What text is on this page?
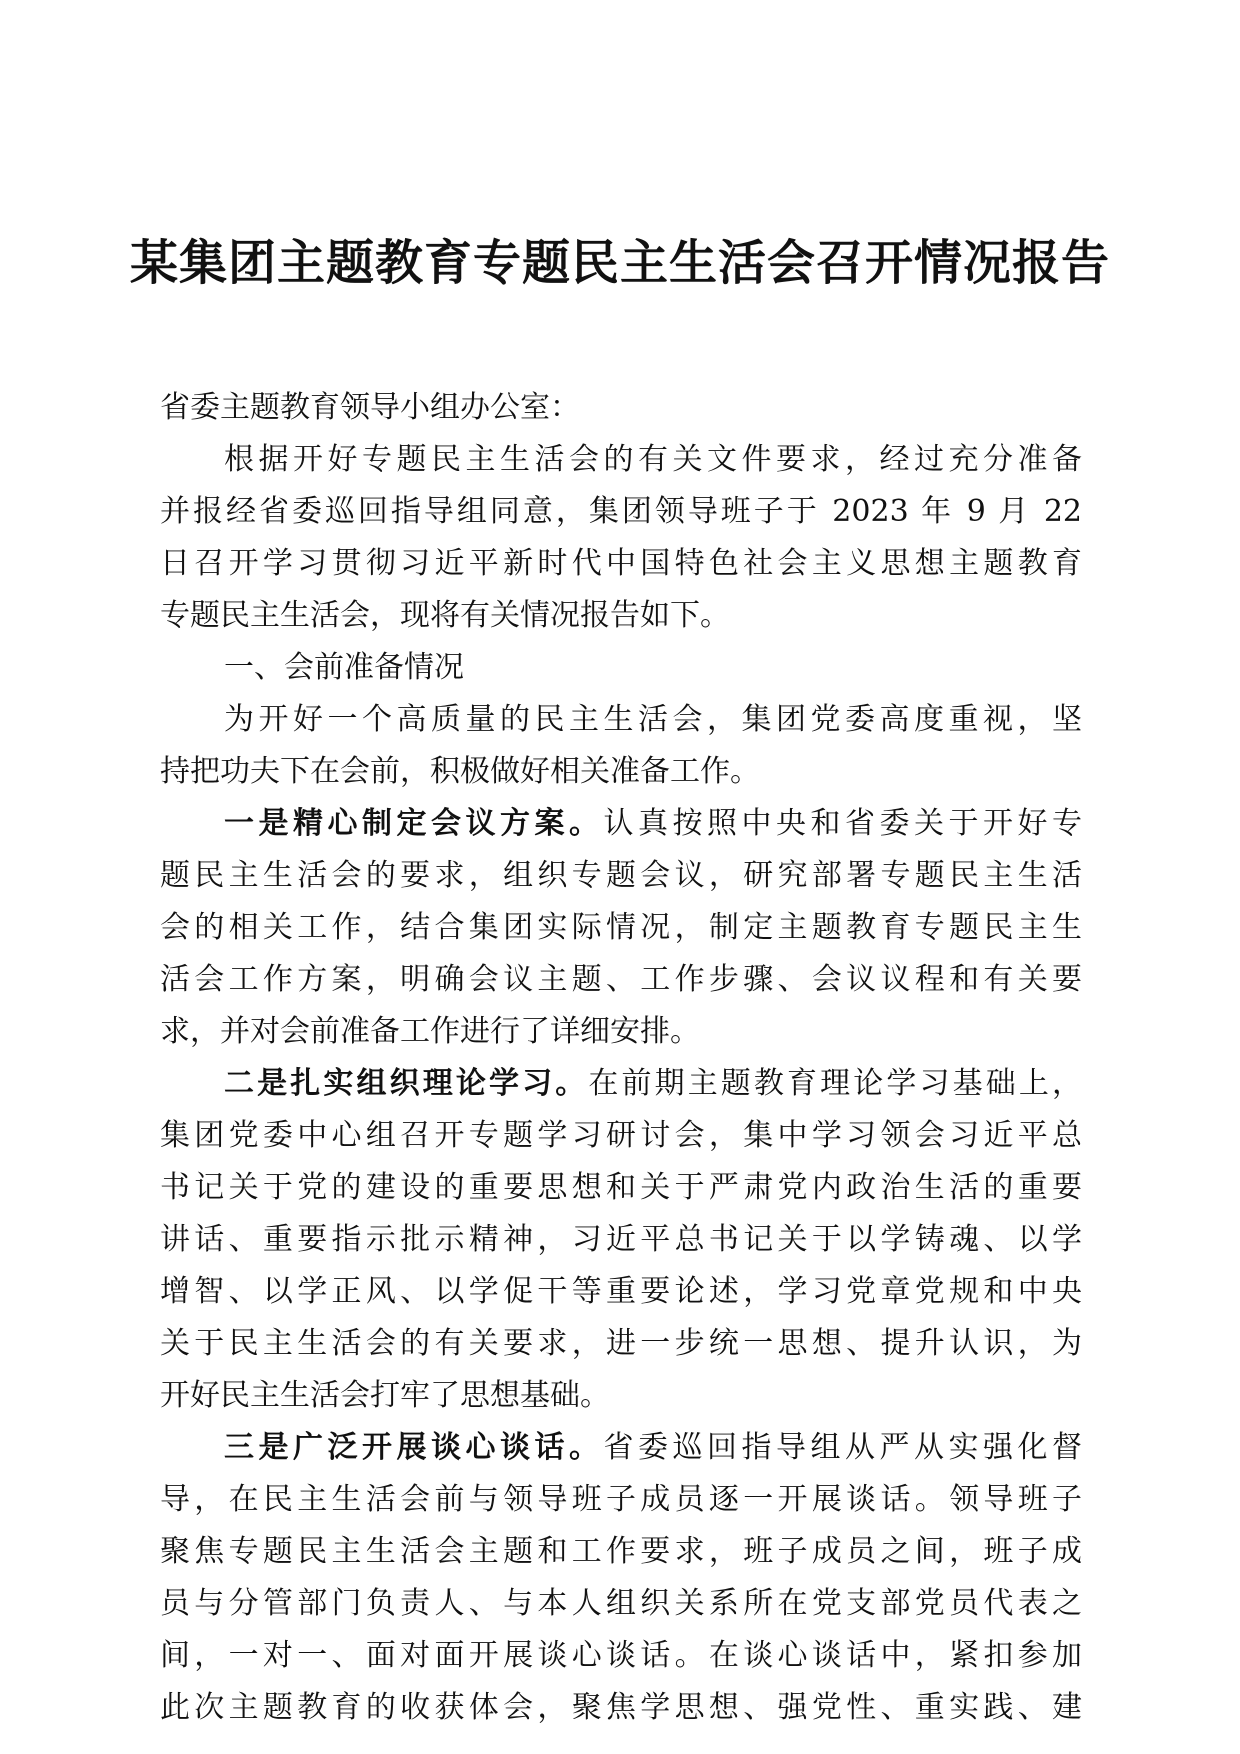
某集团主题教育专题民主生活会召开情况报告
省委主题教育领导小组办公室：
根据开好专题民主生活会的有关文件要求，经过充分准备
并报经省委巡回指导组同意，集团领导班子于 2023 年 9 月 22
日召开学习贯彻习近平新时代中国特色社会主义思想主题教育
专题民主生活会，现将有关情况报告如下。
一、会前准备情况
为开好一个高质量的民主生活会，集团党委高度重视，坚
持把功夫下在会前，积极做好相关准备工作。
一是精心制定会议方案。认真按照中央和省委关于开好专
题民主生活会的要求，组织专题会议，研究部署专题民主生活
会的相关工作，结合集团实际情况，制定主题教育专题民主生
活会工作方案，明确会议主题、工作步骤、会议议程和有关要
求，并对会前准备工作进行了详细安排。
二是扎实组织理论学习。在前期主题教育理论学习基础上，
集团党委中心组召开专题学习研讨会，集中学习领会习近平总
书记关于党的建设的重要思想和关于严肃党内政治生活的重要
讲话、重要指示批示精神，习近平总书记关于以学铸魂、以学
增智、以学正风、以学促干等重要论述，学习党章党规和中央
关于民主生活会的有关要求，进一步统一思想、提升认识，为
开好民主生活会打牢了思想基础。
三是广泛开展谈心谈话。省委巡回指导组从严从实强化督
导，在民主生活会前与领导班子成员逐一开展谈话。领导班子
聚焦专题民主生活会主题和工作要求，班子成员之间，班子成
员与分管部门负责人、与本人组织关系所在党支部党员代表之
间，一对一、面对面开展谈心谈话。在谈心谈话中，紧扣参加
此次主题教育的收获体会，聚焦学思想、强党性、重实践、建
